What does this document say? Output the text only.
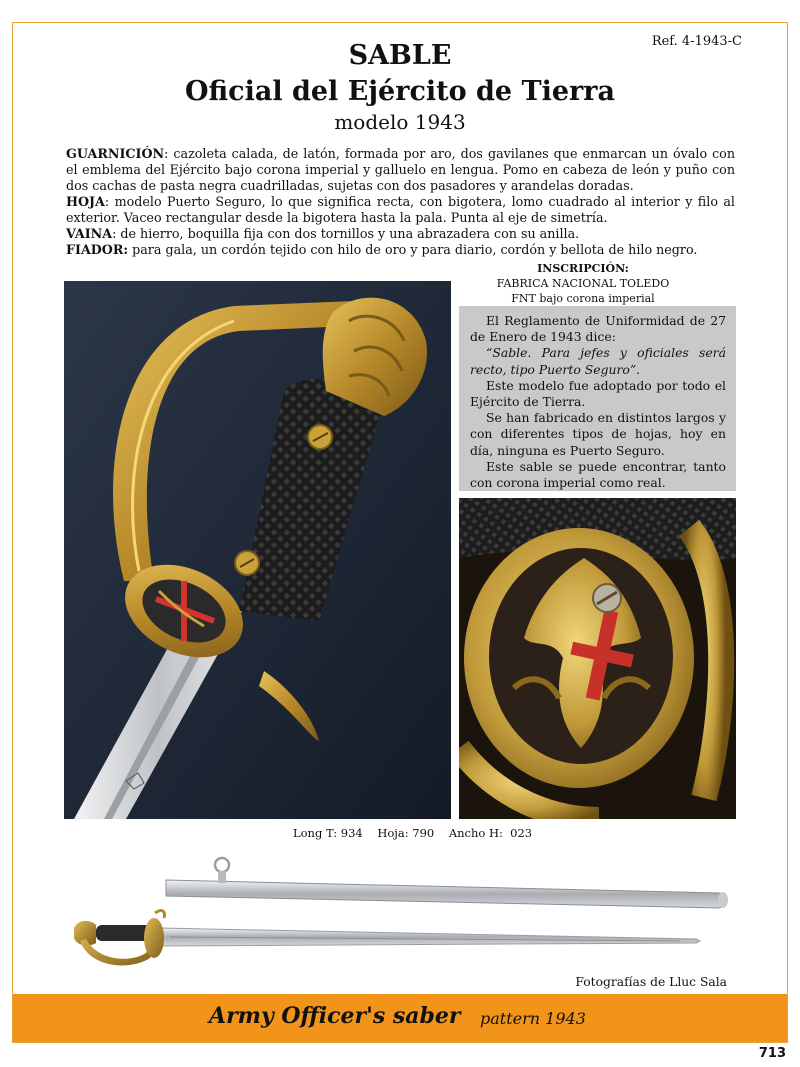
Ref. 4-1943-C
SABLE
Oficial del Ejército de Tierra
modelo 1943

GUARNICIÓN: cazoleta calada, de latón, formada por aro, dos gavilanes que enmarcan un óvalo con el emblema del Ejército bajo corona imperial y galluelo en lengua. Pomo en cabeza de león y puño con dos cachas de pasta negra cuadrilladas, sujetas con dos pasadores y arandelas doradas.

HOJA: modelo Puerto Seguro, lo que significa recta, con bigotera, lomo cuadrado al interior y filo al exterior. Vaceo rectangular desde la bigotera hasta la pala. Punta al eje de simetría.

VAINA: de hierro, boquilla fija con dos tornillos y una abrazadera con su anilla.

FIADOR: para gala, un cordón tejido con hilo de oro y para diario, cordón y bellota de hilo negro.

INSCRIPCIÓN:
FABRICA NACIONAL TOLEDO
FNT bajo corona imperial

El Reglamento de Uniformidad de 27 de Enero de 1943 dice:

“Sable. Para jefes y oficiales será recto, tipo Puerto Seguro”.

Este modelo fue adoptado por todo el Ejército de Tierra.

Se han fabricado en distintos largos y con diferentes tipos de hojas, hoy en día, ninguna es Puerto Seguro.

Este sable se puede encontrar, tanto con corona imperial como real.

Long T: 934    Hoja: 790    Ancho H:  023
Fotografías de Lluc Sala
Army Officer's saber pattern 1943
713
